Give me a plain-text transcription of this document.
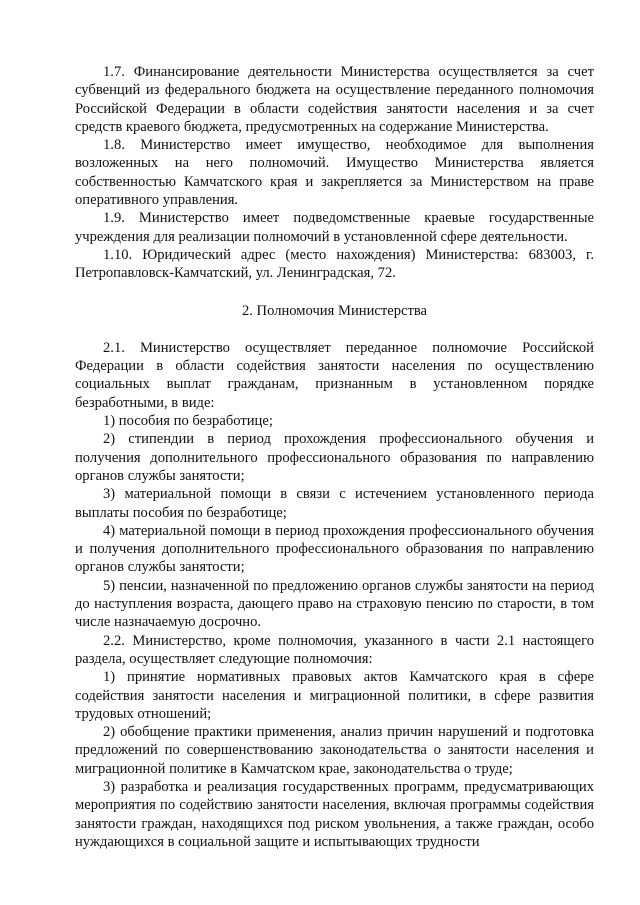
1.7. Финансирование деятельности Министерства осуществляется за счет субвенций из федерального бюджета на осуществление переданного полномочия Российской Федерации в области содействия занятости населения и за счет средств краевого бюджета, предусмотренных на содержание Министерства.

1.8. Министерство имеет имущество, необходимое для выполнения возложенных на него полномочий. Имущество Министерства является собственностью Камчатского края и закрепляется за Министерством на праве оперативного управления.

1.9. Министерство имеет подведомственные краевые государственные учреждения для реализации полномочий в установленной сфере деятельности.

1.10. Юридический адрес (место нахождения) Министерства: 683003, г. Петропавловск-Камчатский, ул. Ленинградская, 72.

2. Полномочия Министерства

2.1. Министерство осуществляет переданное полномочие Российской Федерации в области содействия занятости населения по осуществлению социальных выплат гражданам, признанным в установленном порядке безработными, в виде:

1) пособия по безработице;

2) стипендии в период прохождения профессионального обучения и получения дополнительного профессионального образования по направлению органов службы занятости;

3) материальной помощи в связи с истечением установленного периода выплаты пособия по безработице;

4) материальной помощи в период прохождения профессионального обучения и получения дополнительного профессионального образования по направлению органов службы занятости;

5) пенсии, назначенной по предложению органов службы занятости на период до наступления возраста, дающего право на страховую пенсию по старости, в том числе назначаемую досрочно.

2.2. Министерство, кроме полномочия, указанного в части 2.1 настоящего раздела, осуществляет следующие полномочия:

1) принятие нормативных правовых актов Камчатского края в сфере содействия занятости населения и миграционной политики, в сфере развития трудовых отношений;

2) обобщение практики применения, анализ причин нарушений и подготовка предложений по совершенствованию законодательства о занятости населения и миграционной политике в Камчатском крае, законодательства о труде;

3) разработка и реализация государственных программ, предусматривающих мероприятия по содействию занятости населения, включая программы содействия занятости граждан, находящихся под риском увольнения, а также граждан, особо нуждающихся в социальной защите и испытывающих трудности
